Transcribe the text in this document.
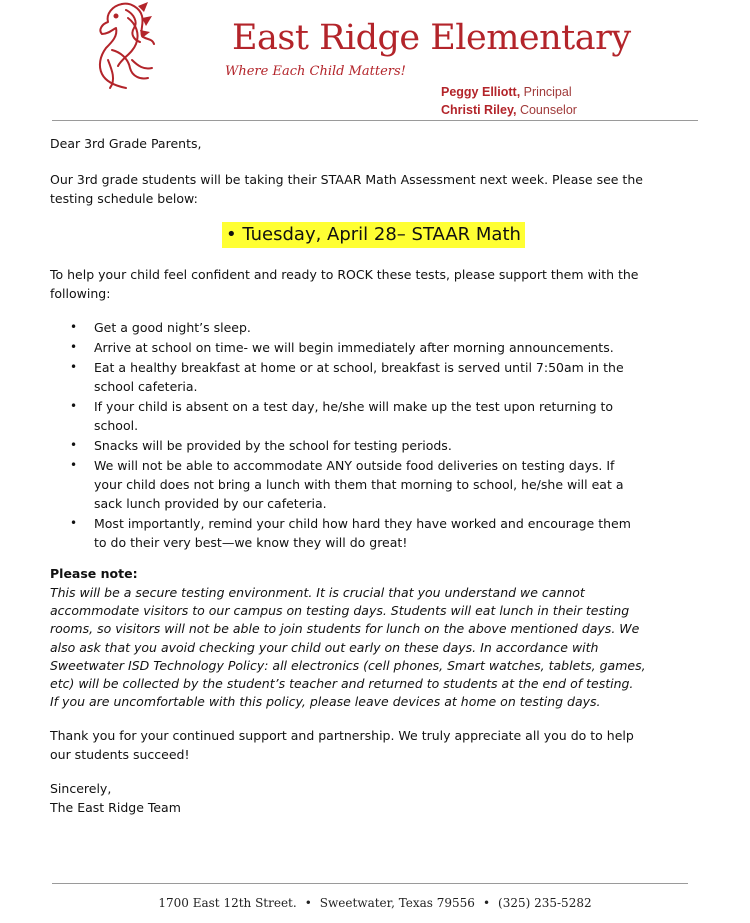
East Ridge Elementary
Where Each Child Matters!
Peggy Elliott, Principal
Christi Riley, Counselor
Dear 3rd Grade Parents,
Our 3rd grade students will be taking their STAAR Math Assessment next week. Please see the
testing schedule below:
• Tuesday, April 28– STAAR Math
To help your child feel confident and ready to ROCK these tests, please support them with the
following:
• Get a good night’s sleep.
• Arrive at school on time- we will begin immediately after morning announcements.
• Eat a healthy breakfast at home or at school, breakfast is served until 7:50am in the
school cafeteria.
• If your child is absent on a test day, he/she will make up the test upon returning to
school.
• Snacks will be provided by the school for testing periods.
• We will not be able to accommodate ANY outside food deliveries on testing days. If
your child does not bring a lunch with them that morning to school, he/she will eat a
sack lunch provided by our cafeteria.
• Most importantly, remind your child how hard they have worked and encourage them
to do their very best—we know they will do great!
Please note:
This will be a secure testing environment. It is crucial that you understand we cannot
accommodate visitors to our campus on testing days. Students will eat lunch in their testing
rooms, so visitors will not be able to join students for lunch on the above mentioned days. We
also ask that you avoid checking your child out early on these days. In accordance with
Sweetwater ISD Technology Policy: all electronics (cell phones, Smart watches, tablets, games,
etc) will be collected by the student’s teacher and returned to students at the end of testing.
If you are uncomfortable with this policy, please leave devices at home on testing days.
Thank you for your continued support and partnership. We truly appreciate all you do to help
our students succeed!
Sincerely,
The East Ridge Team
1700 East 12th Street. • Sweetwater, Texas 79556 • (325) 235-5282
